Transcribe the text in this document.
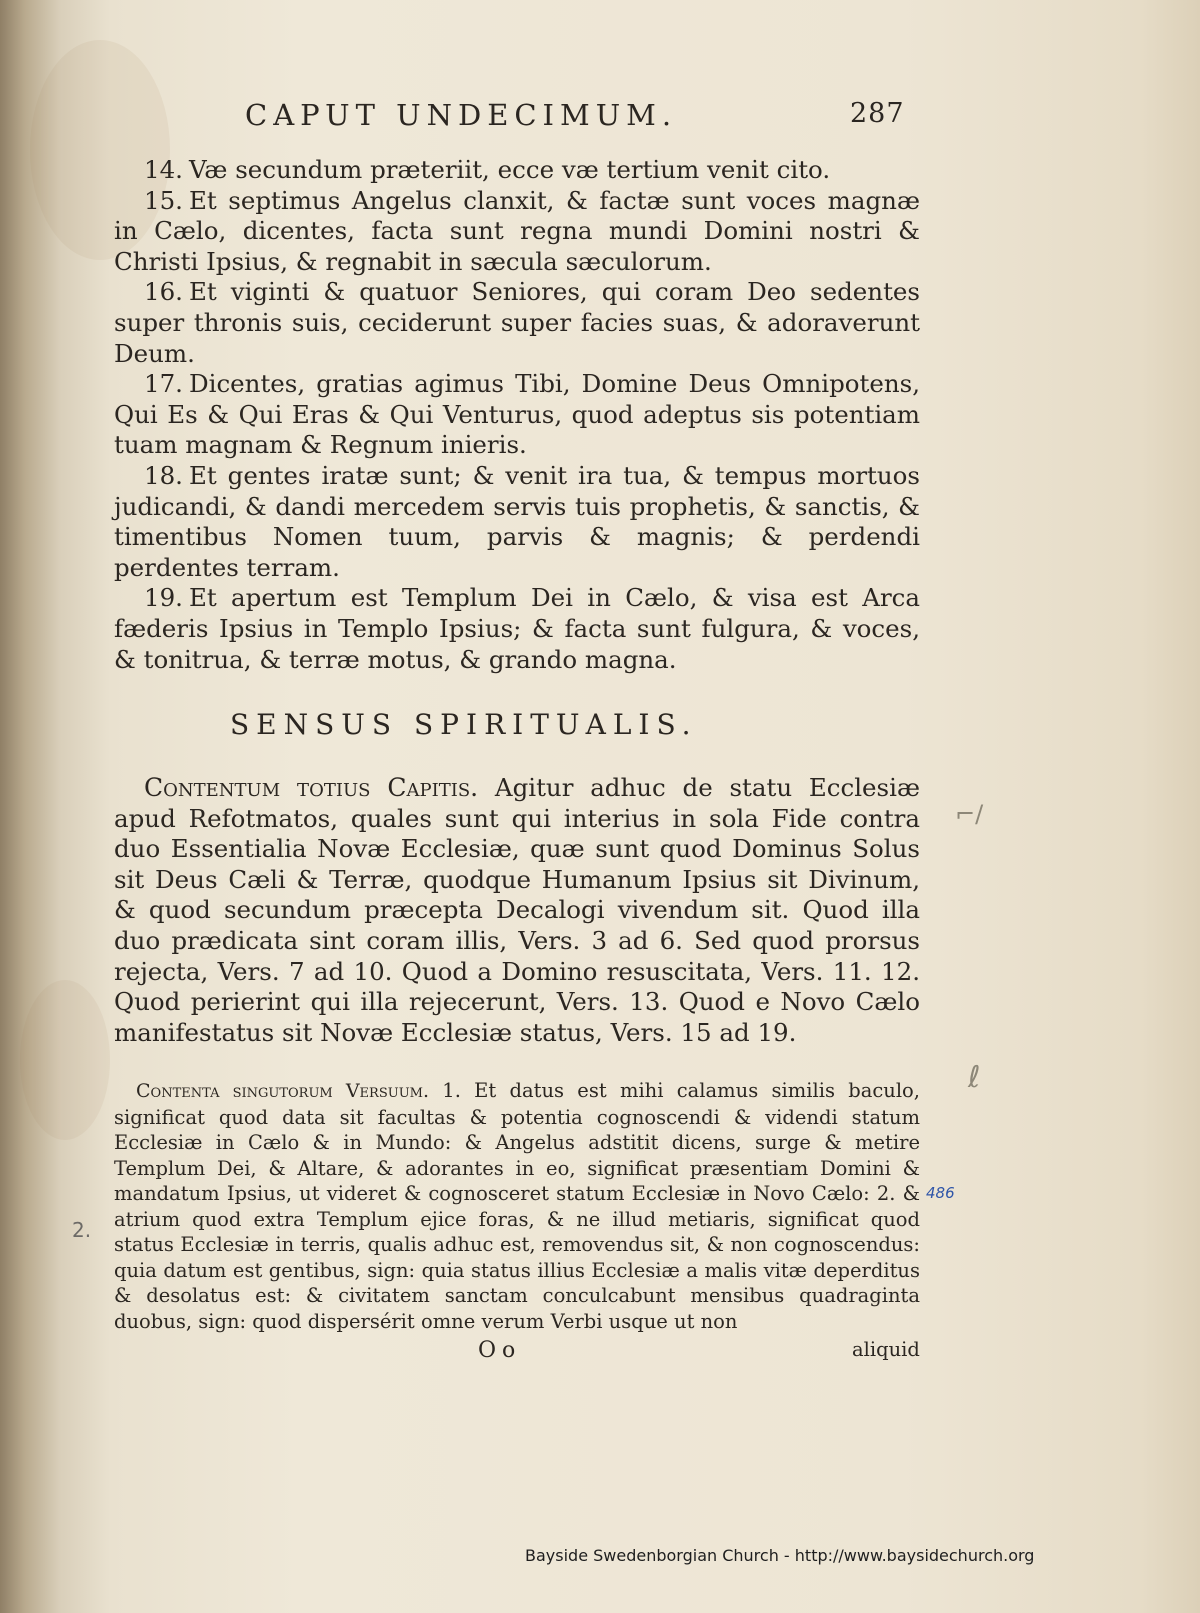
CAPUT UNDECIMUM.	287

14. Væ secundum præteriit, ecce væ tertium venit cito.

15. Et septimus Angelus clanxit, & factæ sunt voces magnæ in Cælo, dicentes, facta sunt regna mundi Domini nostri & Christi Ipsius, & regnabit in sæcula sæculorum.

16. Et viginti & quatuor Seniores, qui coram Deo sedentes super thronis suis, ceciderunt super facies suas, & adoraverunt Deum.

17. Dicentes, gratias agimus Tibi, Domine Deus Omnipotens, Qui Es & Qui Eras & Qui Venturus, quod adeptus sis potentiam tuam magnam & Regnum inieris.

18. Et gentes iratæ sunt; & venit ira tua, & tempus mortuos judicandi, & dandi mercedem servis tuis prophetis, & sanctis, & timentibus Nomen tuum, parvis & magnis; & perdendi perdentes terram.

19. Et apertum est Templum Dei in Cælo, & visa est Arca fæderis Ipsius in Templo Ipsius; & facta sunt fulgura, & voces, & tonitrua, & terræ motus, & grando magna.

SENSUS SPIRITUALIS.

Contentum totius Capitis. Agitur adhuc de statu Ecclesiæ apud Refotmatos, quales sunt qui interius in sola Fide contra duo Essentialia Novæ Ecclesiæ, quæ sunt quod Dominus Solus sit Deus Cæli & Terræ, quodque Humanum Ipsius sit Divinum, & quod secundum præcepta Decalogi vivendum sit. Quod illa duo prædicata sint coram illis, Vers. 3 ad 6. Sed quod prorsus rejecta, Vers. 7 ad 10. Quod a Domino resuscitata, Vers. 11. 12. Quod perierint qui illa rejecerunt, Vers. 13. Quod e Novo Cælo manifestatus sit Novæ Ecclesiæ status, Vers. 15 ad 19.

Contenta singutorum Versuum. 1. Et datus est mihi calamus similis baculo, significat quod data sit facultas & potentia cognoscendi & videndi statum Ecclesiæ in Cælo & in Mundo: & Angelus adstitit dicens, surge & metire Templum Dei, & Altare, & adorantes in eo, significat præsentiam Domini & mandatum Ipsius, ut videret & cognosceret statum Ecclesiæ in Novo Cælo: 2. & atrium quod extra Templum ejice foras, & ne illud metiaris, significat quod status Ecclesiæ in terris, qualis adhuc est, removendus sit, & non cognoscendus: quia datum est gentibus, sign: quia status illius Ecclesiæ a malis vitæ deperditus & desolatus est: & civitatem sanctam conculcabunt mensibus quadraginta duobus, sign: quod dispersérit omne verum Verbi usque ut non

Oo	aliquid
486
2.
⌐/
ℓ
Bayside Swedenborgian Church - http://www.baysidechurch.org
